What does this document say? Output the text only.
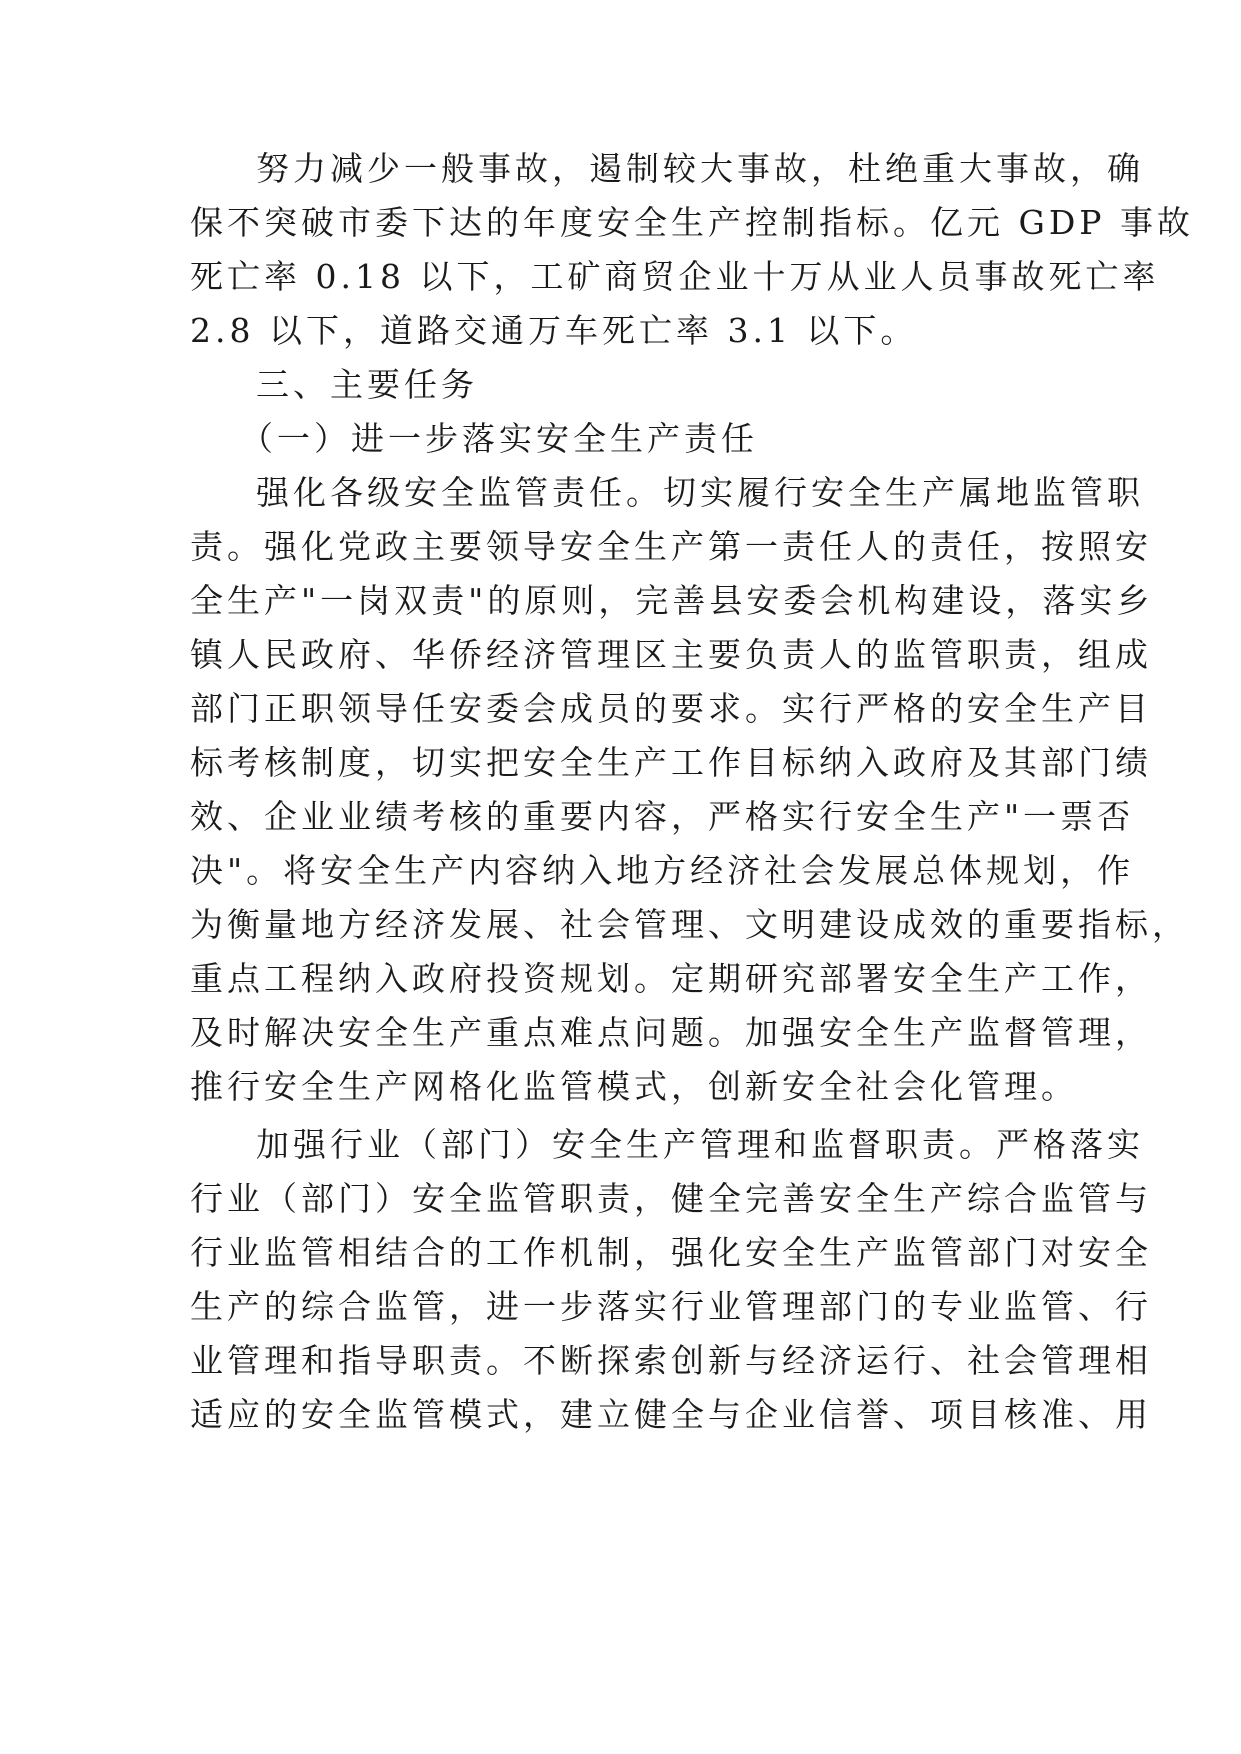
努力减少一般事故，遏制较大事故，杜绝重大事故，确
保不突破市委下达的年度安全生产控制指标。亿元 GDP 事故
死亡率 0.18 以下，工矿商贸企业十万从业人员事故死亡率
2.8 以下，道路交通万车死亡率 3.1 以下。
三、主要任务
（一）进一步落实安全生产责任
强化各级安全监管责任。切实履行安全生产属地监管职
责。强化党政主要领导安全生产第一责任人的责任，按照安
全生产"一岗双责"的原则，完善县安委会机构建设，落实乡
镇人民政府、华侨经济管理区主要负责人的监管职责，组成
部门正职领导任安委会成员的要求。实行严格的安全生产目
标考核制度，切实把安全生产工作目标纳入政府及其部门绩
效、企业业绩考核的重要内容，严格实行安全生产"一票否
决"。将安全生产内容纳入地方经济社会发展总体规划，作
为衡量地方经济发展、社会管理、文明建设成效的重要指标，
重点工程纳入政府投资规划。定期研究部署安全生产工作，
及时解决安全生产重点难点问题。加强安全生产监督管理，
推行安全生产网格化监管模式，创新安全社会化管理。
加强行业（部门）安全生产管理和监督职责。严格落实
行业（部门）安全监管职责，健全完善安全生产综合监管与
行业监管相结合的工作机制，强化安全生产监管部门对安全
生产的综合监管，进一步落实行业管理部门的专业监管、行
业管理和指导职责。不断探索创新与经济运行、社会管理相
适应的安全监管模式，建立健全与企业信誉、项目核准、用
